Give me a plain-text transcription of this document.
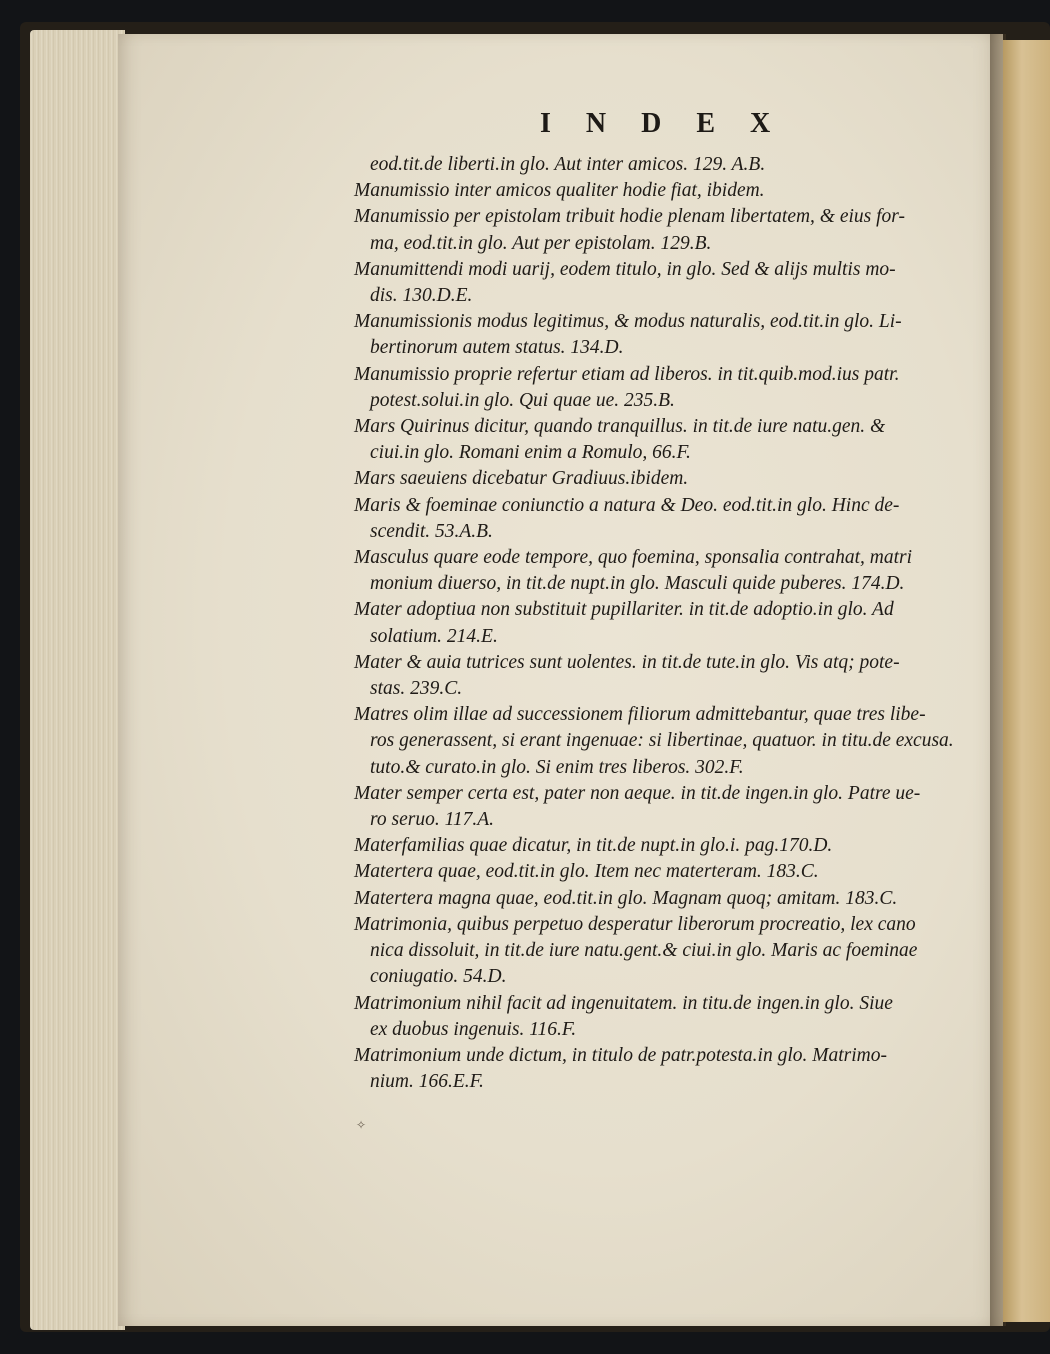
I N D E X
eod.tit.de liberti.in glo. Aut inter amicos. 129. A.B.
Manumissio inter amicos qualiter hodie fiat, ibidem.
Manumissio per epistolam tribuit hodie plenam libertatem, & eius for-
ma, eod.tit.in glo. Aut per epistolam. 129.B.
Manumittendi modi uarij, eodem titulo, in glo. Sed & alijs multis mo-
dis. 130.D.E.
Manumissionis modus legitimus, & modus naturalis, eod.tit.in glo. Li-
bertinorum autem status. 134.D.
Manumissio proprie refertur etiam ad liberos. in tit.quib.mod.ius patr.
potest.solui.in glo. Qui quae ue. 235.B.
Mars Quirinus dicitur, quando tranquillus. in tit.de iure natu.gen. &
ciui.in glo. Romani enim a Romulo, 66.F.
Mars saeuiens dicebatur Gradiuus.ibidem.
Maris & foeminae coniunctio a natura & Deo. eod.tit.in glo. Hinc de-
scendit. 53.A.B.
Masculus quare eode tempore, quo foemina, sponsalia contrahat, matri
monium diuerso, in tit.de nupt.in glo. Masculi quide puberes. 174.D.
Mater adoptiua non substituit pupillariter. in tit.de adoptio.in glo. Ad
solatium. 214.E.
Mater & auia tutrices sunt uolentes. in tit.de tute.in glo. Vis atq; pote-
stas. 239.C.
Matres olim illae ad successionem filiorum admittebantur, quae tres libe-
ros generassent, si erant ingenuae: si libertinae, quatuor. in titu.de excusa.
tuto.& curato.in glo. Si enim tres liberos. 302.F.
Mater semper certa est, pater non aeque. in tit.de ingen.in glo. Patre ue-
ro seruo. 117.A.
Materfamilias quae dicatur, in tit.de nupt.in glo.i. pag.170.D.
Matertera quae, eod.tit.in glo. Item nec materteram. 183.C.
Matertera magna quae, eod.tit.in glo. Magnam quoq; amitam. 183.C.
Matrimonia, quibus perpetuo desperatur liberorum procreatio, lex cano
nica dissoluit, in tit.de iure natu.gent.& ciui.in glo. Maris ac foeminae
coniugatio. 54.D.
Matrimonium nihil facit ad ingenuitatem. in titu.de ingen.in glo. Siue
ex duobus ingenuis. 116.F.
Matrimonium unde dictum, in titulo de patr.potesta.in glo. Matrimo-
nium. 166.E.F.
✧
